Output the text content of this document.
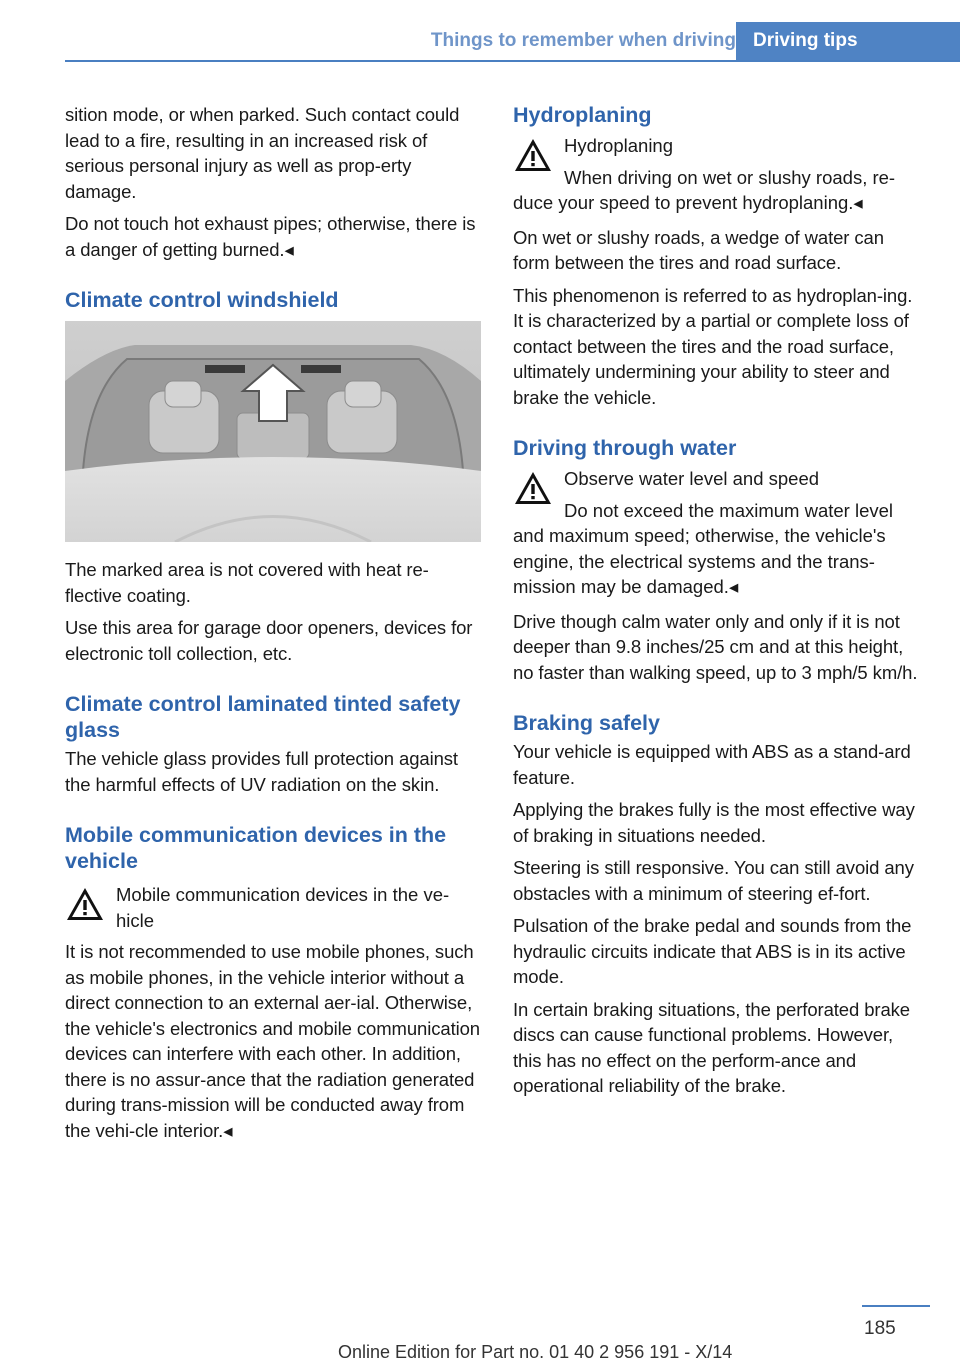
Things to remember when driving Driving tips

sition mode, or when parked. Such contact could lead to a fire, resulting in an increased risk of serious personal injury as well as prop-erty damage.

Do not touch hot exhaust pipes; otherwise, there is a danger of getting burned.◂

Climate control windshield

The marked area is not covered with heat re-flective coating.

Use this area for garage door openers, devices for electronic toll collection, etc.

Climate control laminated tinted safety glass

The vehicle glass provides full protection against the harmful effects of UV radiation on the skin.

Mobile communication devices in the vehicle
Mobile communication devices in the ve-hicle

It is not recommended to use mobile phones, such as mobile phones, in the vehicle interior without a direct connection to an external aer-ial. Otherwise, the vehicle's electronics and mobile communication devices can interfere with each other. In addition, there is no assur-ance that the radiation generated during trans-mission will be conducted away from the vehi-cle interior.◂

Hydroplaning
Hydroplaning
When driving on wet or slushy roads, re-
duce your speed to prevent hydroplaning.◂

On wet or slushy roads, a wedge of water can form between the tires and road surface.

This phenomenon is referred to as hydroplan-ing. It is characterized by a partial or complete loss of contact between the tires and the road surface, ultimately undermining your ability to steer and brake the vehicle.

Driving through water
Observe water level and speed
Do not exceed the maximum water level
and maximum speed; otherwise, the vehicle's engine, the electrical systems and the trans-mission may be damaged.◂

Drive though calm water only and only if it is not deeper than 9.8 inches/25 cm and at this height, no faster than walking speed, up to 3 mph/5 km/h.

Braking safely

Your vehicle is equipped with ABS as a stand-ard feature.

Applying the brakes fully is the most effective way of braking in situations needed.

Steering is still responsive. You can still avoid any obstacles with a minimum of steering ef-fort.

Pulsation of the brake pedal and sounds from the hydraulic circuits indicate that ABS is in its active mode.

In certain braking situations, the perforated brake discs can cause functional problems. However, this has no effect on the perform-ance and operational reliability of the brake.

185
Online Edition for Part no. 01 40 2 956 191 - X/14
